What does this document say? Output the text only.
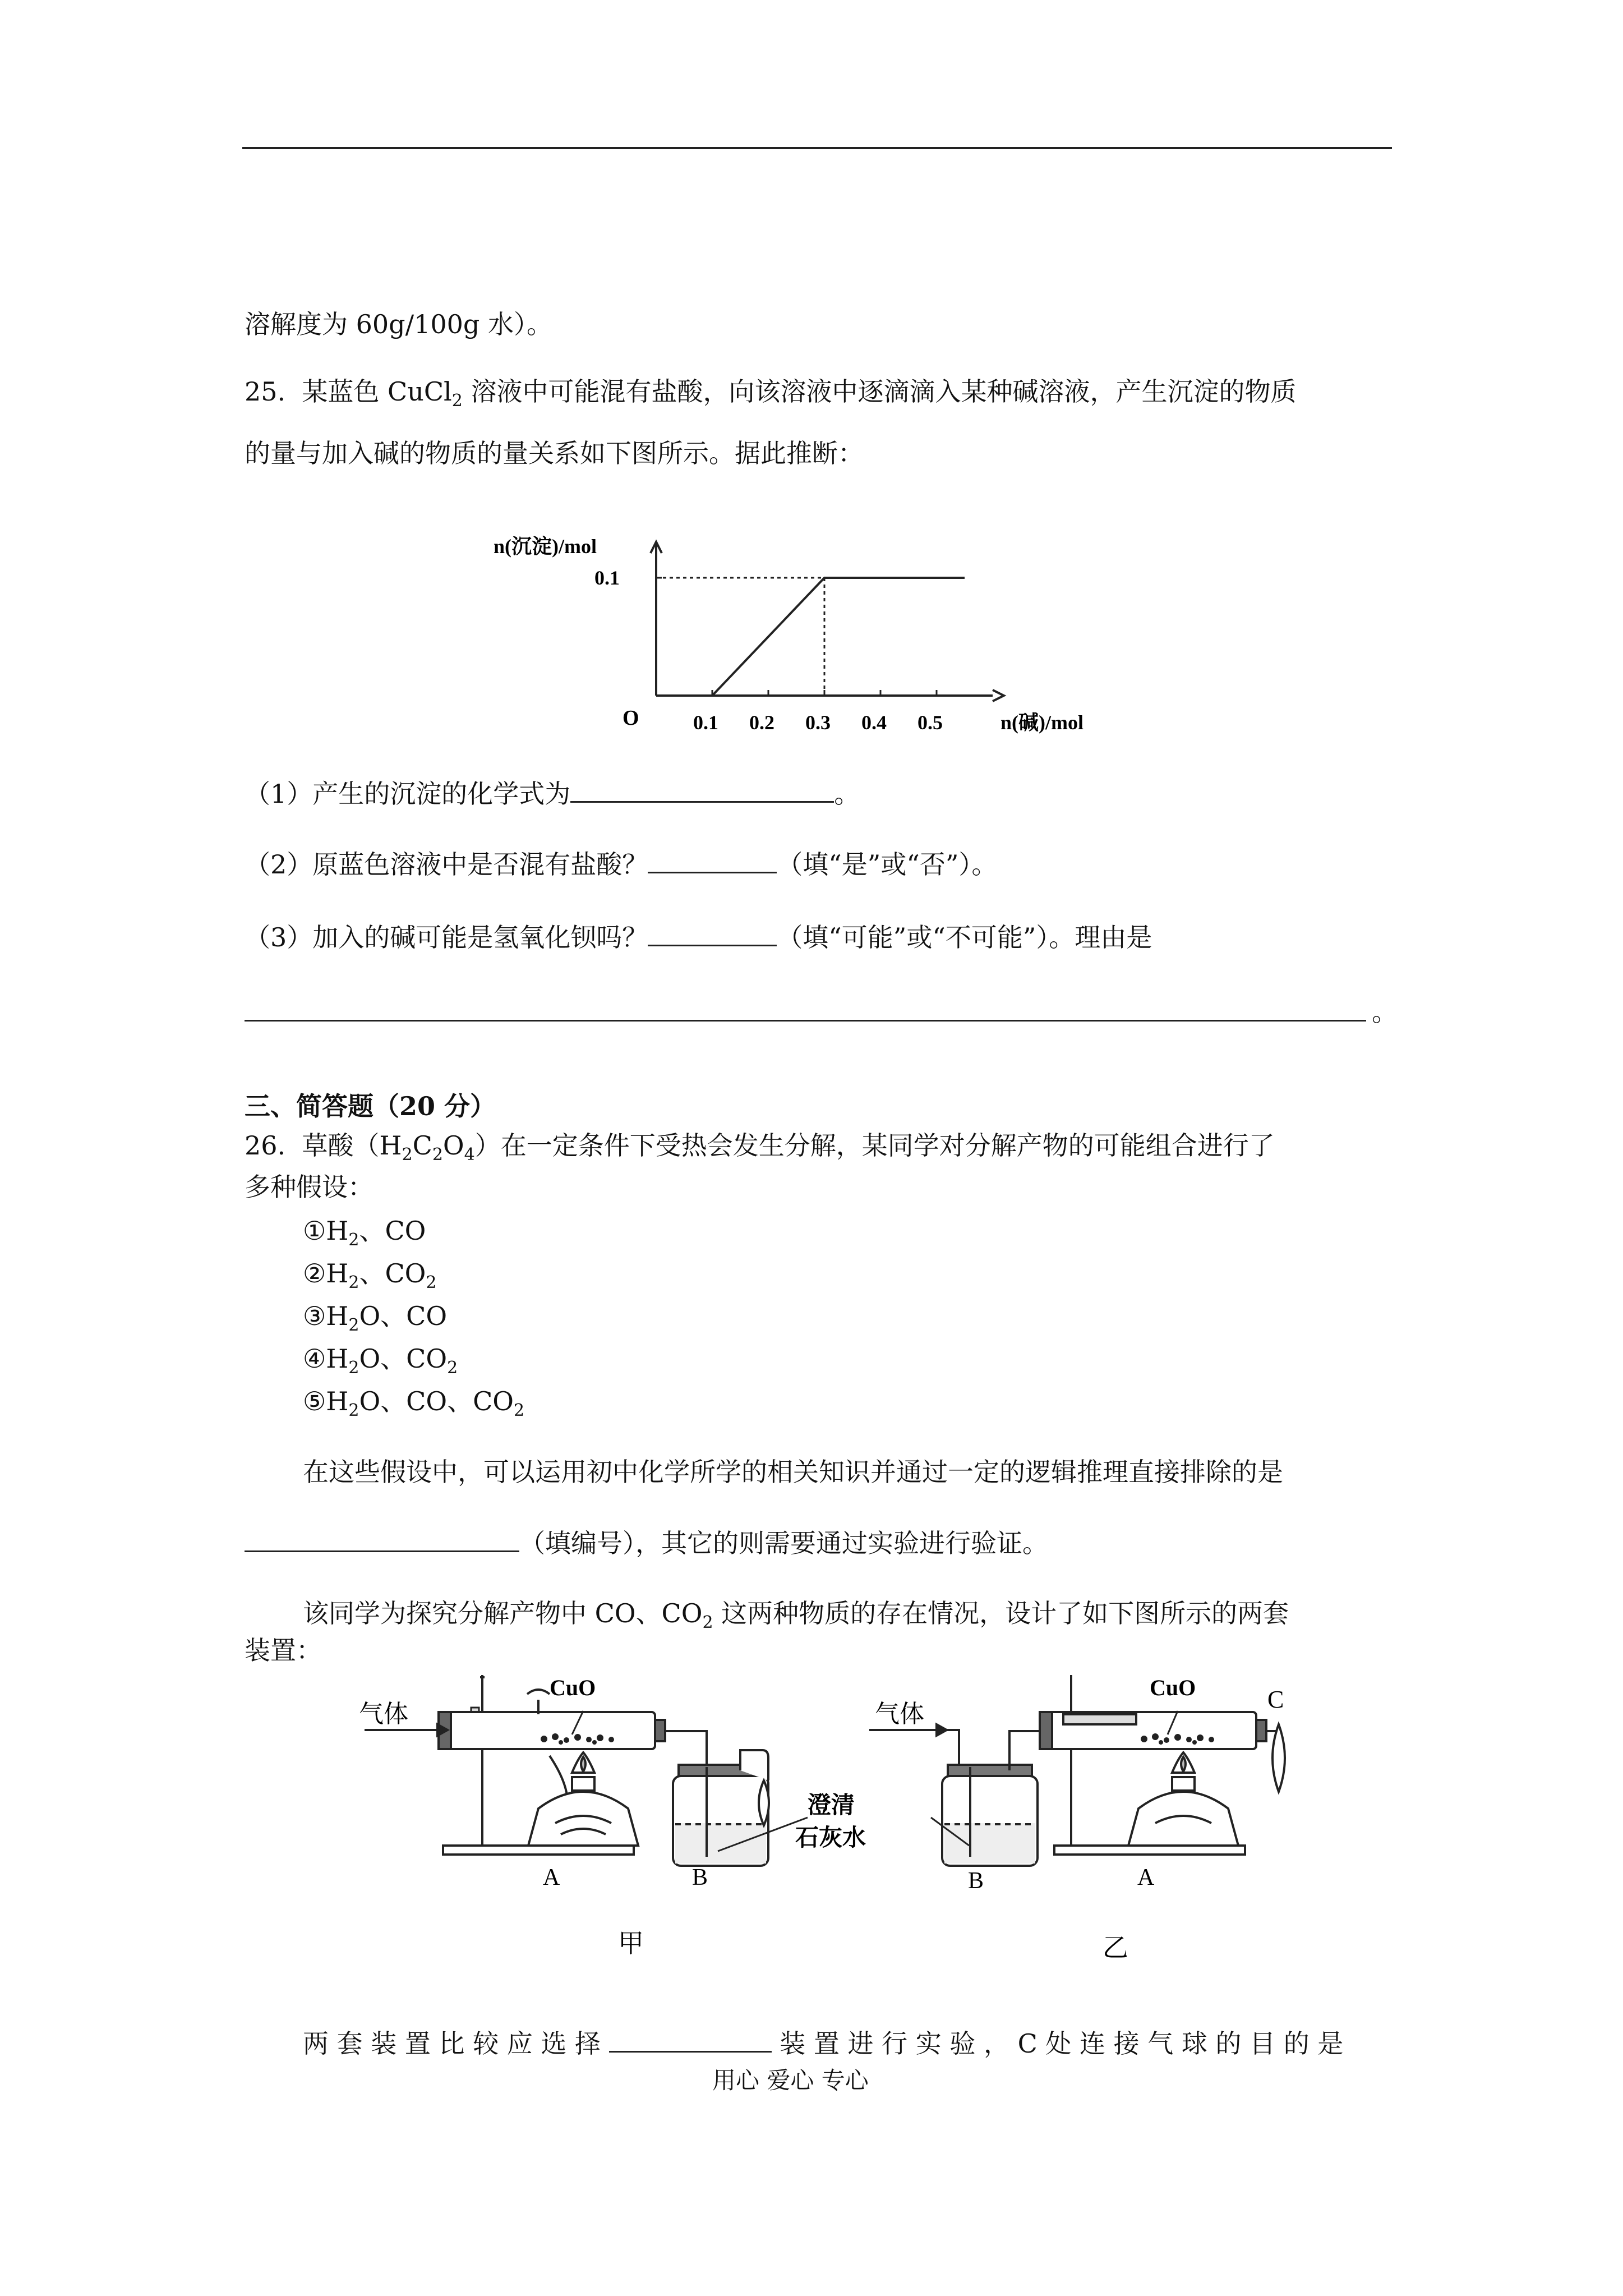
溶解度为 60g/100g 水）。
25. 某蓝色 CuCl$_2$ 溶液中可能混有盐酸，向该溶液中逐滴滴入某种碱溶液，产生沉淀的物质
的量与加入碱的物质的量关系如下图所示。据此推断：
n(沉淀)/mol
n(碱)/mol
O	0.1 0.2 0.3 0.4 0.5
0.1
（1）产生的沉淀的化学式为	。
（2）原蓝色溶液中是否混有盐酸？	（填“是”或“否”）。
（3）加入的碱可能是氢氧化钡吗？	（填“可能”或“不可能”）。理由是
。
三、简答题（20 分）
26. 草酸$(H_2C_2O_4)$在一定条件下受热会发生分解，某同学对分解产物的可能组合进行了
多种假设：
$①H_2$、CO
$②H_2$、$CO_2$
$③H_2O$、CO
$④H_2O$、$CO_2$
$⑤H_2O$、CO、$CO_2$
在这些假设中，可以运用初中化学所学的相关知识并通过一定的逻辑推理直接排除的是
（填编号），其它的则需要通过实验进行验证。
该同学为探究分解产物中 CO、$CO_2$ 这两种物质的存在情况，设计了如下图所示的两套
装置：
气体
CuO
A	B
甲
澄清
石灰水
气体
CuO	C
B	A
乙
两 套 装 置 比 较 应 选 择	装 置 进 行 实 验 ， C 处 连 接 气 球 的 目 的 是
用心 爱心 专心
